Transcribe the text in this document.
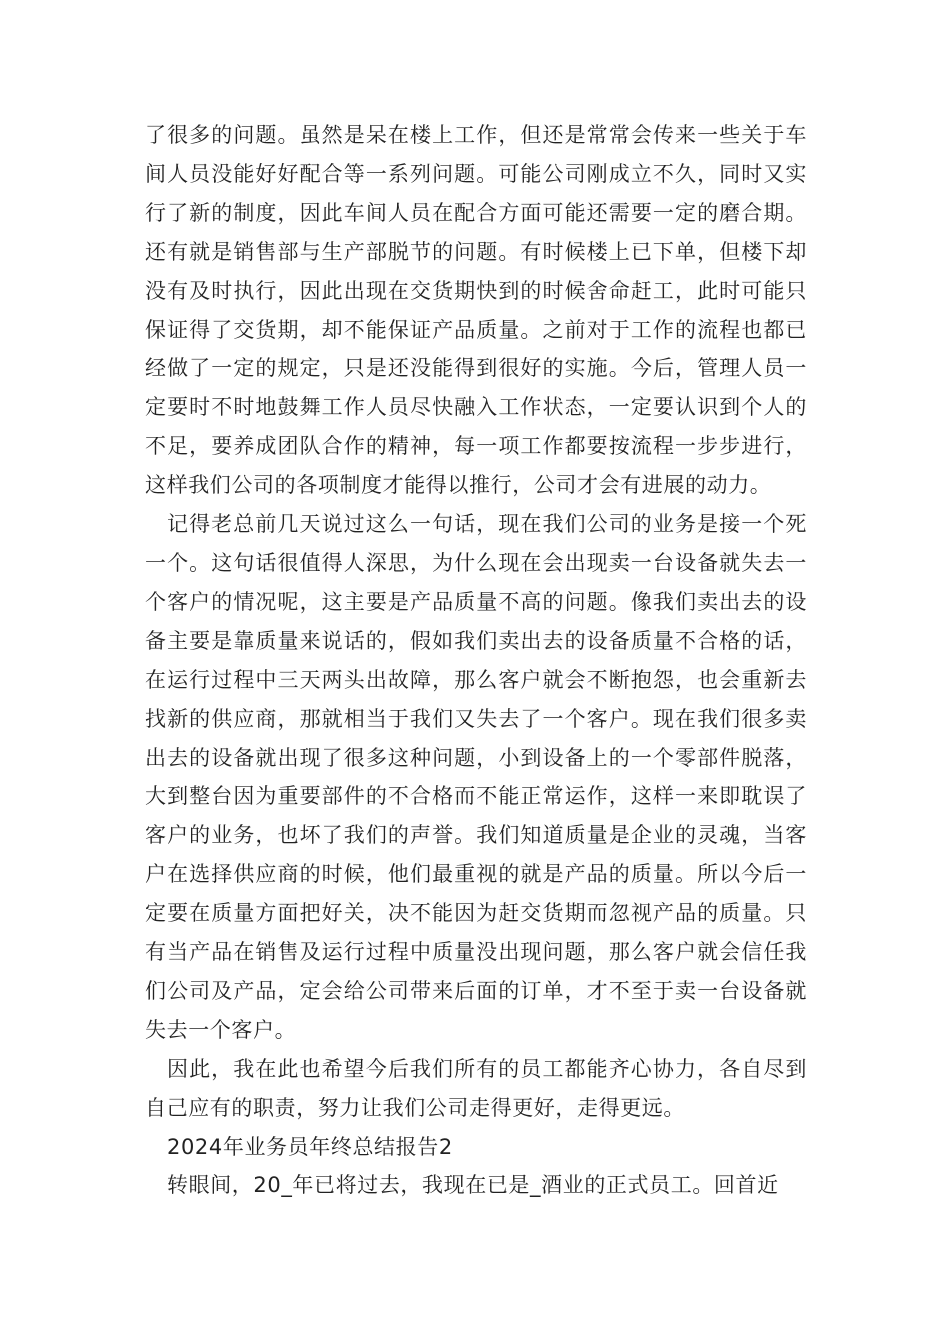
了很多的问题。虽然是呆在楼上工作，但还是常常会传来一些关于车间人员没能好好配合等一系列问题。可能公司刚成立不久，同时又实行了新的制度，因此车间人员在配合方面可能还需要一定的磨合期。还有就是销售部与生产部脱节的问题。有时候楼上已下单，但楼下却没有及时执行，因此出现在交货期快到的时候舍命赶工，此时可能只保证得了交货期，却不能保证产品质量。之前对于工作的流程也都已经做了一定的规定，只是还没能得到很好的实施。今后，管理人员一定要时不时地鼓舞工作人员尽快融入工作状态，一定要认识到个人的不足，要养成团队合作的精神，每一项工作都要按流程一步步进行，这样我们公司的各项制度才能得以推行，公司才会有进展的动力。

记得老总前几天说过这么一句话，现在我们公司的业务是接一个死一个。这句话很值得人深思，为什么现在会出现卖一台设备就失去一个客户的情况呢，这主要是产品质量不高的问题。像我们卖出去的设备主要是靠质量来说话的，假如我们卖出去的设备质量不合格的话，在运行过程中三天两头出故障，那么客户就会不断抱怨，也会重新去找新的供应商，那就相当于我们又失去了一个客户。现在我们很多卖出去的设备就出现了很多这种问题，小到设备上的一个零部件脱落，大到整台因为重要部件的不合格而不能正常运作，这样一来即耽误了客户的业务，也坏了我们的声誉。我们知道质量是企业的灵魂，当客户在选择供应商的时候，他们最重视的就是产品的质量。所以今后一定要在质量方面把好关，决不能因为赶交货期而忽视产品的质量。只有当产品在销售及运行过程中质量没出现问题，那么客户就会信任我们公司及产品，定会给公司带来后面的订单，才不至于卖一台设备就失去一个客户。

因此，我在此也希望今后我们所有的员工都能齐心协力，各自尽到自己应有的职责，努力让我们公司走得更好，走得更远。

2024年业务员年终总结报告2

转眼间，20_年已将过去，我现在已是_酒业的正式员工。回首近
